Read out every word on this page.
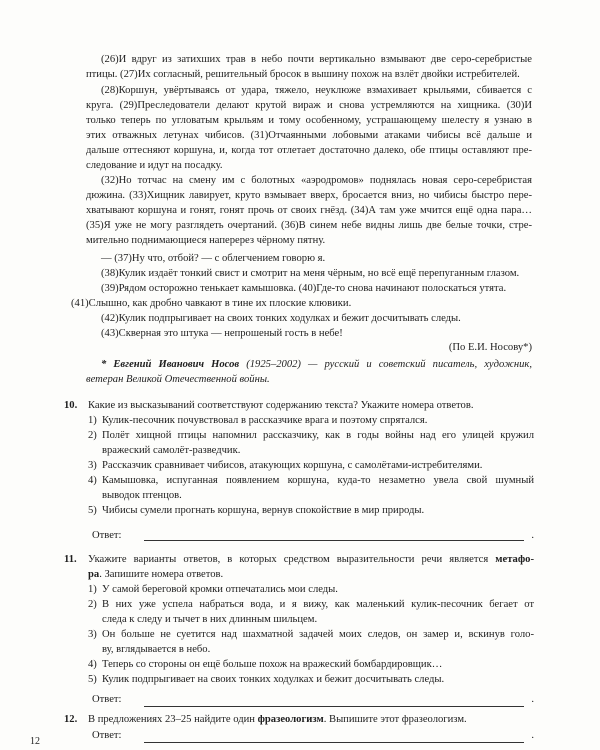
(26)И вдруг из затихших трав в небо почти вертикально взмывают две серо-серебристые
птицы. (27)Их согласный, решительный бросок в вышину похож на взлёт двойки истребителей.
(28)Коршун, увёртываясь от удара, тяжело, неуклюже взмахивает крыльями, сбивается с
круга. (29)Преследователи делают крутой вираж и снова устремляются на хищника. (30)И
только теперь по угловатым крыльям и тому особенному, устрашающему шелесту я узнаю в
этих отважных летунах чибисов. (31)Отчаянными лобовыми атаками чибисы всё дальше и
дальше оттесняют коршуна, и, когда тот отлетает достаточно далеко, обе птицы оставляют пре-
следование и идут на посадку.
(32)Но тотчас на смену им с болотных «аэродромов» поднялась новая серо-серебристая
дюжина. (33)Хищник лавирует, круто взмывает вверх, бросается вниз, но чибисы быстро пере-
хватывают коршуна и гонят, гонят прочь от своих гнёзд. (34)А там уже мчится ещё одна пара…
(35)Я уже не могу разглядеть очертаний. (36)В синем небе видны лишь две белые точки, стре-
мительно поднимающиеся наперерез чёрному пятну.
— (37)Ну что, отбой? — с облегчением говорю я.
(38)Кулик издаёт тонкий свист и смотрит на меня чёрным, но всё ещё перепуганным глазом.
(39)Рядом осторожно тенькает камышовка. (40)Где-то снова начинают полоскаться утята.
(41)Слышно, как дробно чавкают в тине их плоские клювики.
(42)Кулик подпрыгивает на своих тонких ходулках и бежит досчитывать следы.
(43)Скверная это штука — непрошеный гость в небе!
(По Е.И. Носову*)
* Евгений Иванович Носов (1925–2002) — русский и советский писатель, художник,
ветеран Великой Отечественной войны.
10. Какие из высказываний соответствуют содержанию текста? Укажите номера ответов.
1) Кулик-песочник почувствовал в рассказчике врага и поэтому спрятался.
2) Полёт хищной птицы напомнил рассказчику, как в годы войны над его улицей кружил
вражеский самолёт-разведчик.
3) Рассказчик сравнивает чибисов, атакующих коршуна, с самолётами-истребителями.
4) Камышовка, испуганная появлением коршуна, куда-то незаметно увела свой шумный
выводок птенцов.
5) Чибисы сумели прогнать коршуна, вернув спокойствие в мир природы.
Ответ:	.
11. Укажите варианты ответов, в которых средством выразительности речи является метафо-
ра. Запишите номера ответов.
12
1) У самой береговой кромки отпечатались мои следы.
2) В них уже успела набраться вода, и я вижу, как маленький кулик-песочник бегает от
следа к следу и тычет в них длинным шильцем.
3) Он больше не суетится над шахматной задачей моих следов, он замер и, вскинув голо-
ву, вглядывается в небо.
4) Теперь со стороны он ещё больше похож на вражеский бомбардировщик…
5) Кулик подпрыгивает на своих тонких ходулках и бежит досчитывать следы.
Ответ:	.
12. В предложениях 23–25 найдите один фразеологизм. Выпишите этот фразеологизм.
Ответ:	.
